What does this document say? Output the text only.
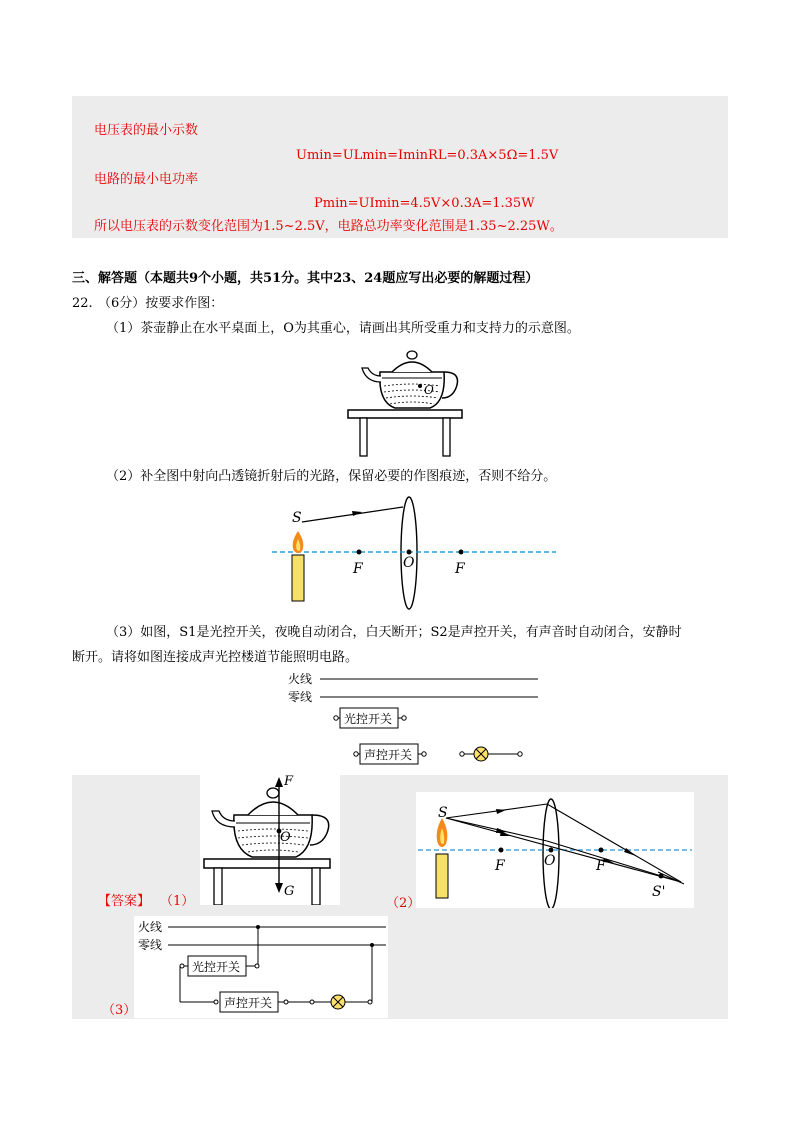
电压表的最小示数
Umin=ULmin=IminRL=0.3A×5Ω=1.5V
电路的最小电功率
Pmin=UImin=4.5V×0.3A=1.35W
所以电压表的示数变化范围为1.5~2.5V，电路总功率变化范围是1.35~2.25W。
三、解答题（本题共9个小题，共51分。其中23、24题应写出必要的解题过程）
22. （6分）按要求作图：
（1）茶壶静止在水平桌面上，O为其重心，请画出其所受重力和支持力的示意图。
O
（2）补全图中射向凸透镜折射后的光路，保留必要的作图痕迹，否则不给分。
S
F	O	F
（3）如图，S1是光控开关，夜晚自动闭合，白天断开；S2是声控开关，有声音时自动闭合，安静时
断开。请将如图连接成声光控楼道节能照明电路。
火线
零线
光控开关
声控开关
F
O
G
S
F	O	F
S'
【答案】 （1）	（2）
火线
零线
光控开关
声控开关
（3）
